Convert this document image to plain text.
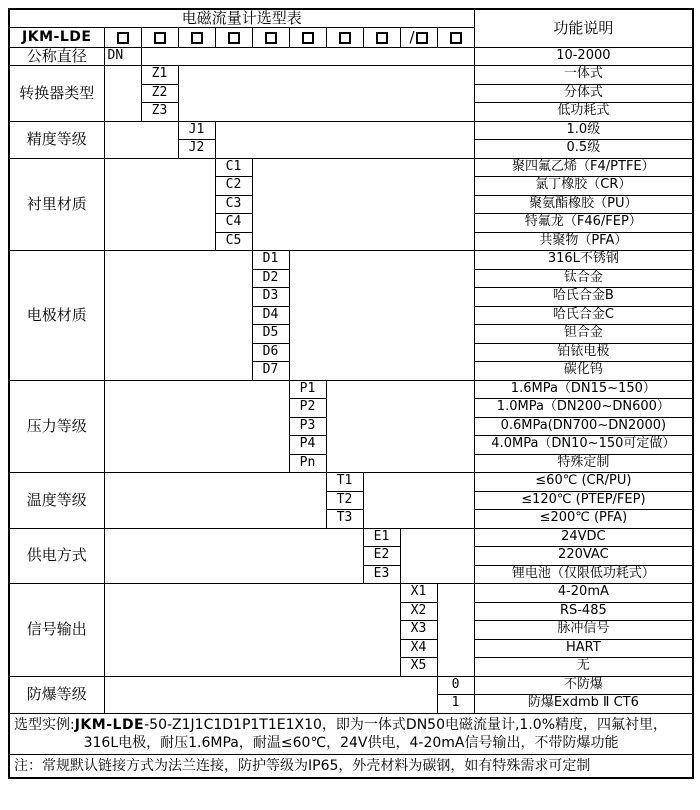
电磁流量计选型表											功能说明
JKM-LDE									/		
公称直径	DN										10-2000
转换器类型		Z1									一体式
		Z2									分体式
		Z3									低功耗式
精度等级			J1								1.0级
			J2								0.5级
衬里材质				C1							聚四氟乙烯（F4/PTFE）
				C2							氯丁橡胶（CR）
				C3							聚氨酯橡胶（PU）
				C4							特氟龙（F46/FEP）
				C5							共聚物（PFA）
电极材质					D1						316L不锈钢
					D2						钛合金
					D3						哈氏合金B
					D4						哈氏合金C
					D5						钽合金
					D6						铂铱电极
					D7						碳化钨
压力等级						P1					1.6MPa（DN15~150）
						P2					1.0MPa（DN200~DN600）
						P3					0.6MPa(DN700~DN2000)
						P4					4.0MPa（DN10~150可定做）
						Pn					特殊定制
温度等级							T1				≤60℃ (CR/PU)
							T2				≤120℃ (PTEP/FEP)
							T3				≤200℃ (PFA)
供电方式								E1			24VDC
								E2			220VAC
								E3			锂电池（仅限低功耗式）
信号输出									X1		4-20mA
									X2		RS-485
									X3		脉冲信号
									X4		HART
									X5		无
防爆等级										0	不防爆
										1	防爆Exdmb Ⅱ CT6

选型实例:JKM-LDE-50-Z1J1C1D1P1T1E1X10，即为一体式DN50电磁流量计,1.0%精度，四氟衬里，
316L电极，耐压1.6MPa，耐温≤60℃，24V供电，4-20mA信号输出，不带防爆功能											

注：常规默认链接方式为法兰连接，防护等级为IP65，外壳材料为碳钢，如有特殊需求可定制											
